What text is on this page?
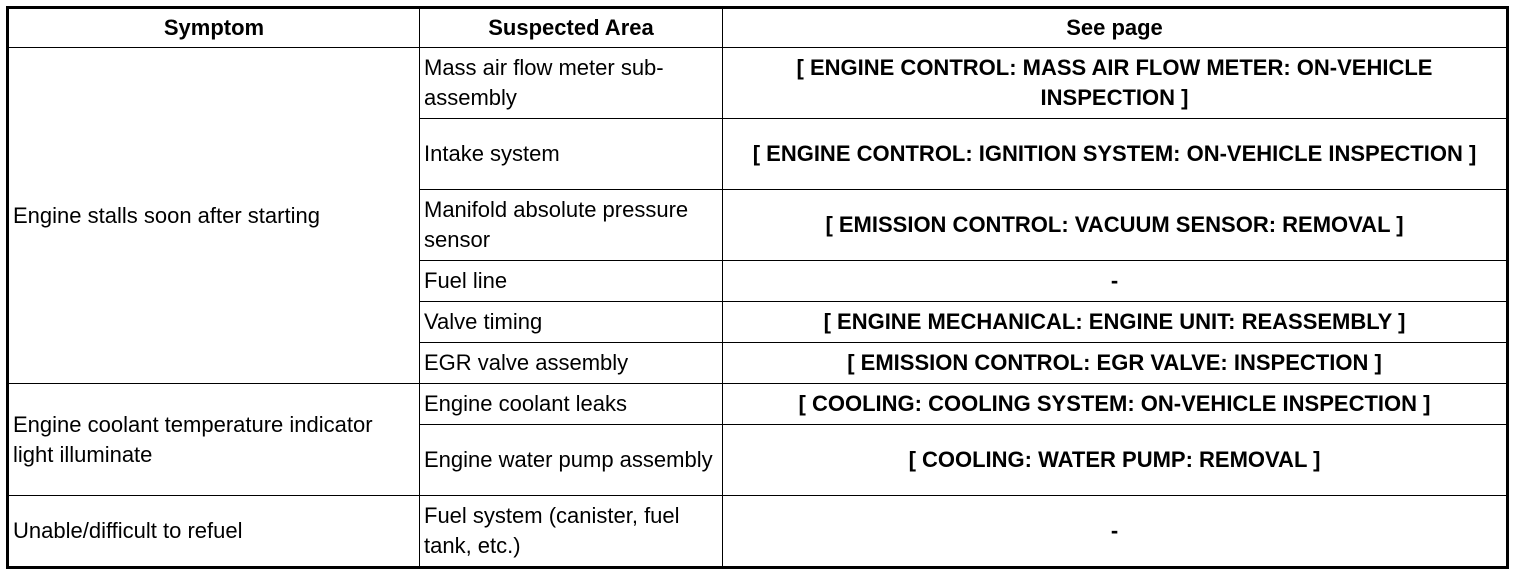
Symptom	Suspected Area	See page
Engine stalls soon after starting	Mass air flow meter sub-assembly	[ ENGINE CONTROL: MASS AIR FLOW METER: ON-VEHICLE INSPECTION ]
	Intake system	[ ENGINE CONTROL: IGNITION SYSTEM: ON-VEHICLE INSPECTION ]
	Manifold absolute pressure sensor	[ EMISSION CONTROL: VACUUM SENSOR: REMOVAL ]
	Fuel line	-
	Valve timing	[ ENGINE MECHANICAL: ENGINE UNIT: REASSEMBLY ]
	EGR valve assembly	[ EMISSION CONTROL: EGR VALVE: INSPECTION ]
Engine coolant temperature indicator light illuminate	Engine coolant leaks	[ COOLING: COOLING SYSTEM: ON-VEHICLE INSPECTION ]
	Engine water pump assembly	[ COOLING: WATER PUMP: REMOVAL ]
Unable/difficult to refuel	Fuel system (canister, fuel tank, etc.)	-
